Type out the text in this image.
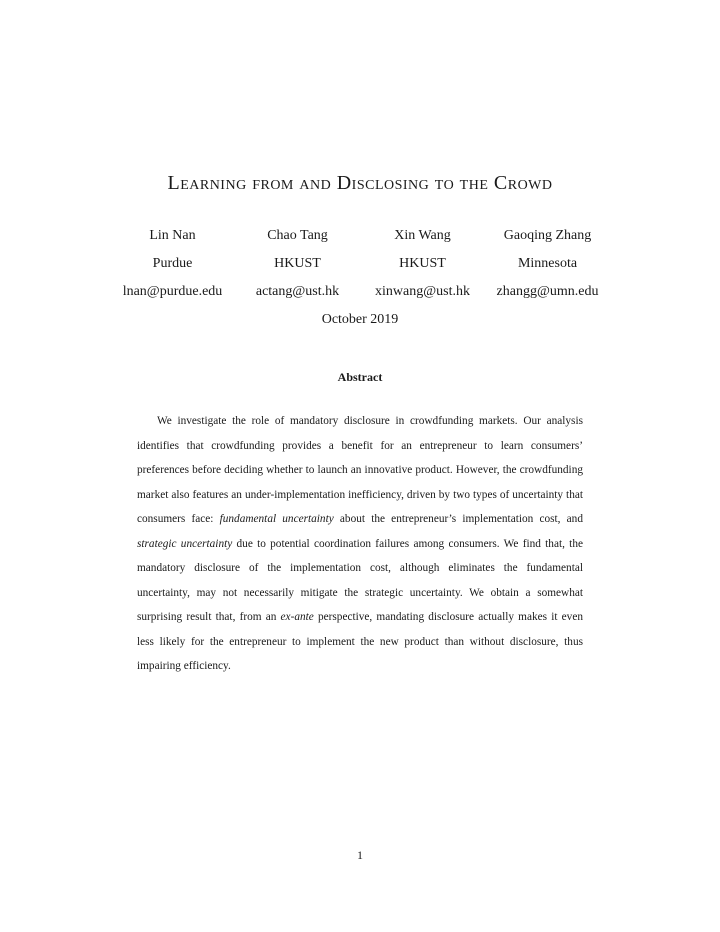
Learning from and Disclosing to the Crowd
Lin Nan
Purdue
lnan@purdue.edu
Chao Tang
HKUST
actang@ust.hk
Xin Wang
HKUST
xinwang@ust.hk
Gaoqing Zhang
Minnesota
zhangg@umn.edu
October 2019
Abstract

We investigate the role of mandatory disclosure in crowdfunding markets. Our analysis identifies that crowdfunding provides a benefit for an entrepreneur to learn consumers’ preferences before deciding whether to launch an innovative product. However, the crowdfunding market also features an under-implementation inefficiency, driven by two types of uncertainty that consumers face: fundamental uncertainty about the entrepreneur’s implementation cost, and strategic uncertainty due to potential coordination failures among consumers. We find that, the mandatory disclosure of the implementation cost, although eliminates the fundamental uncertainty, may not necessarily mitigate the strategic uncertainty. We obtain a somewhat surprising result that, from an ex-ante perspective, mandating disclosure actually makes it even less likely for the entrepreneur to implement the new product than without disclosure, thus impairing efficiency.

1
